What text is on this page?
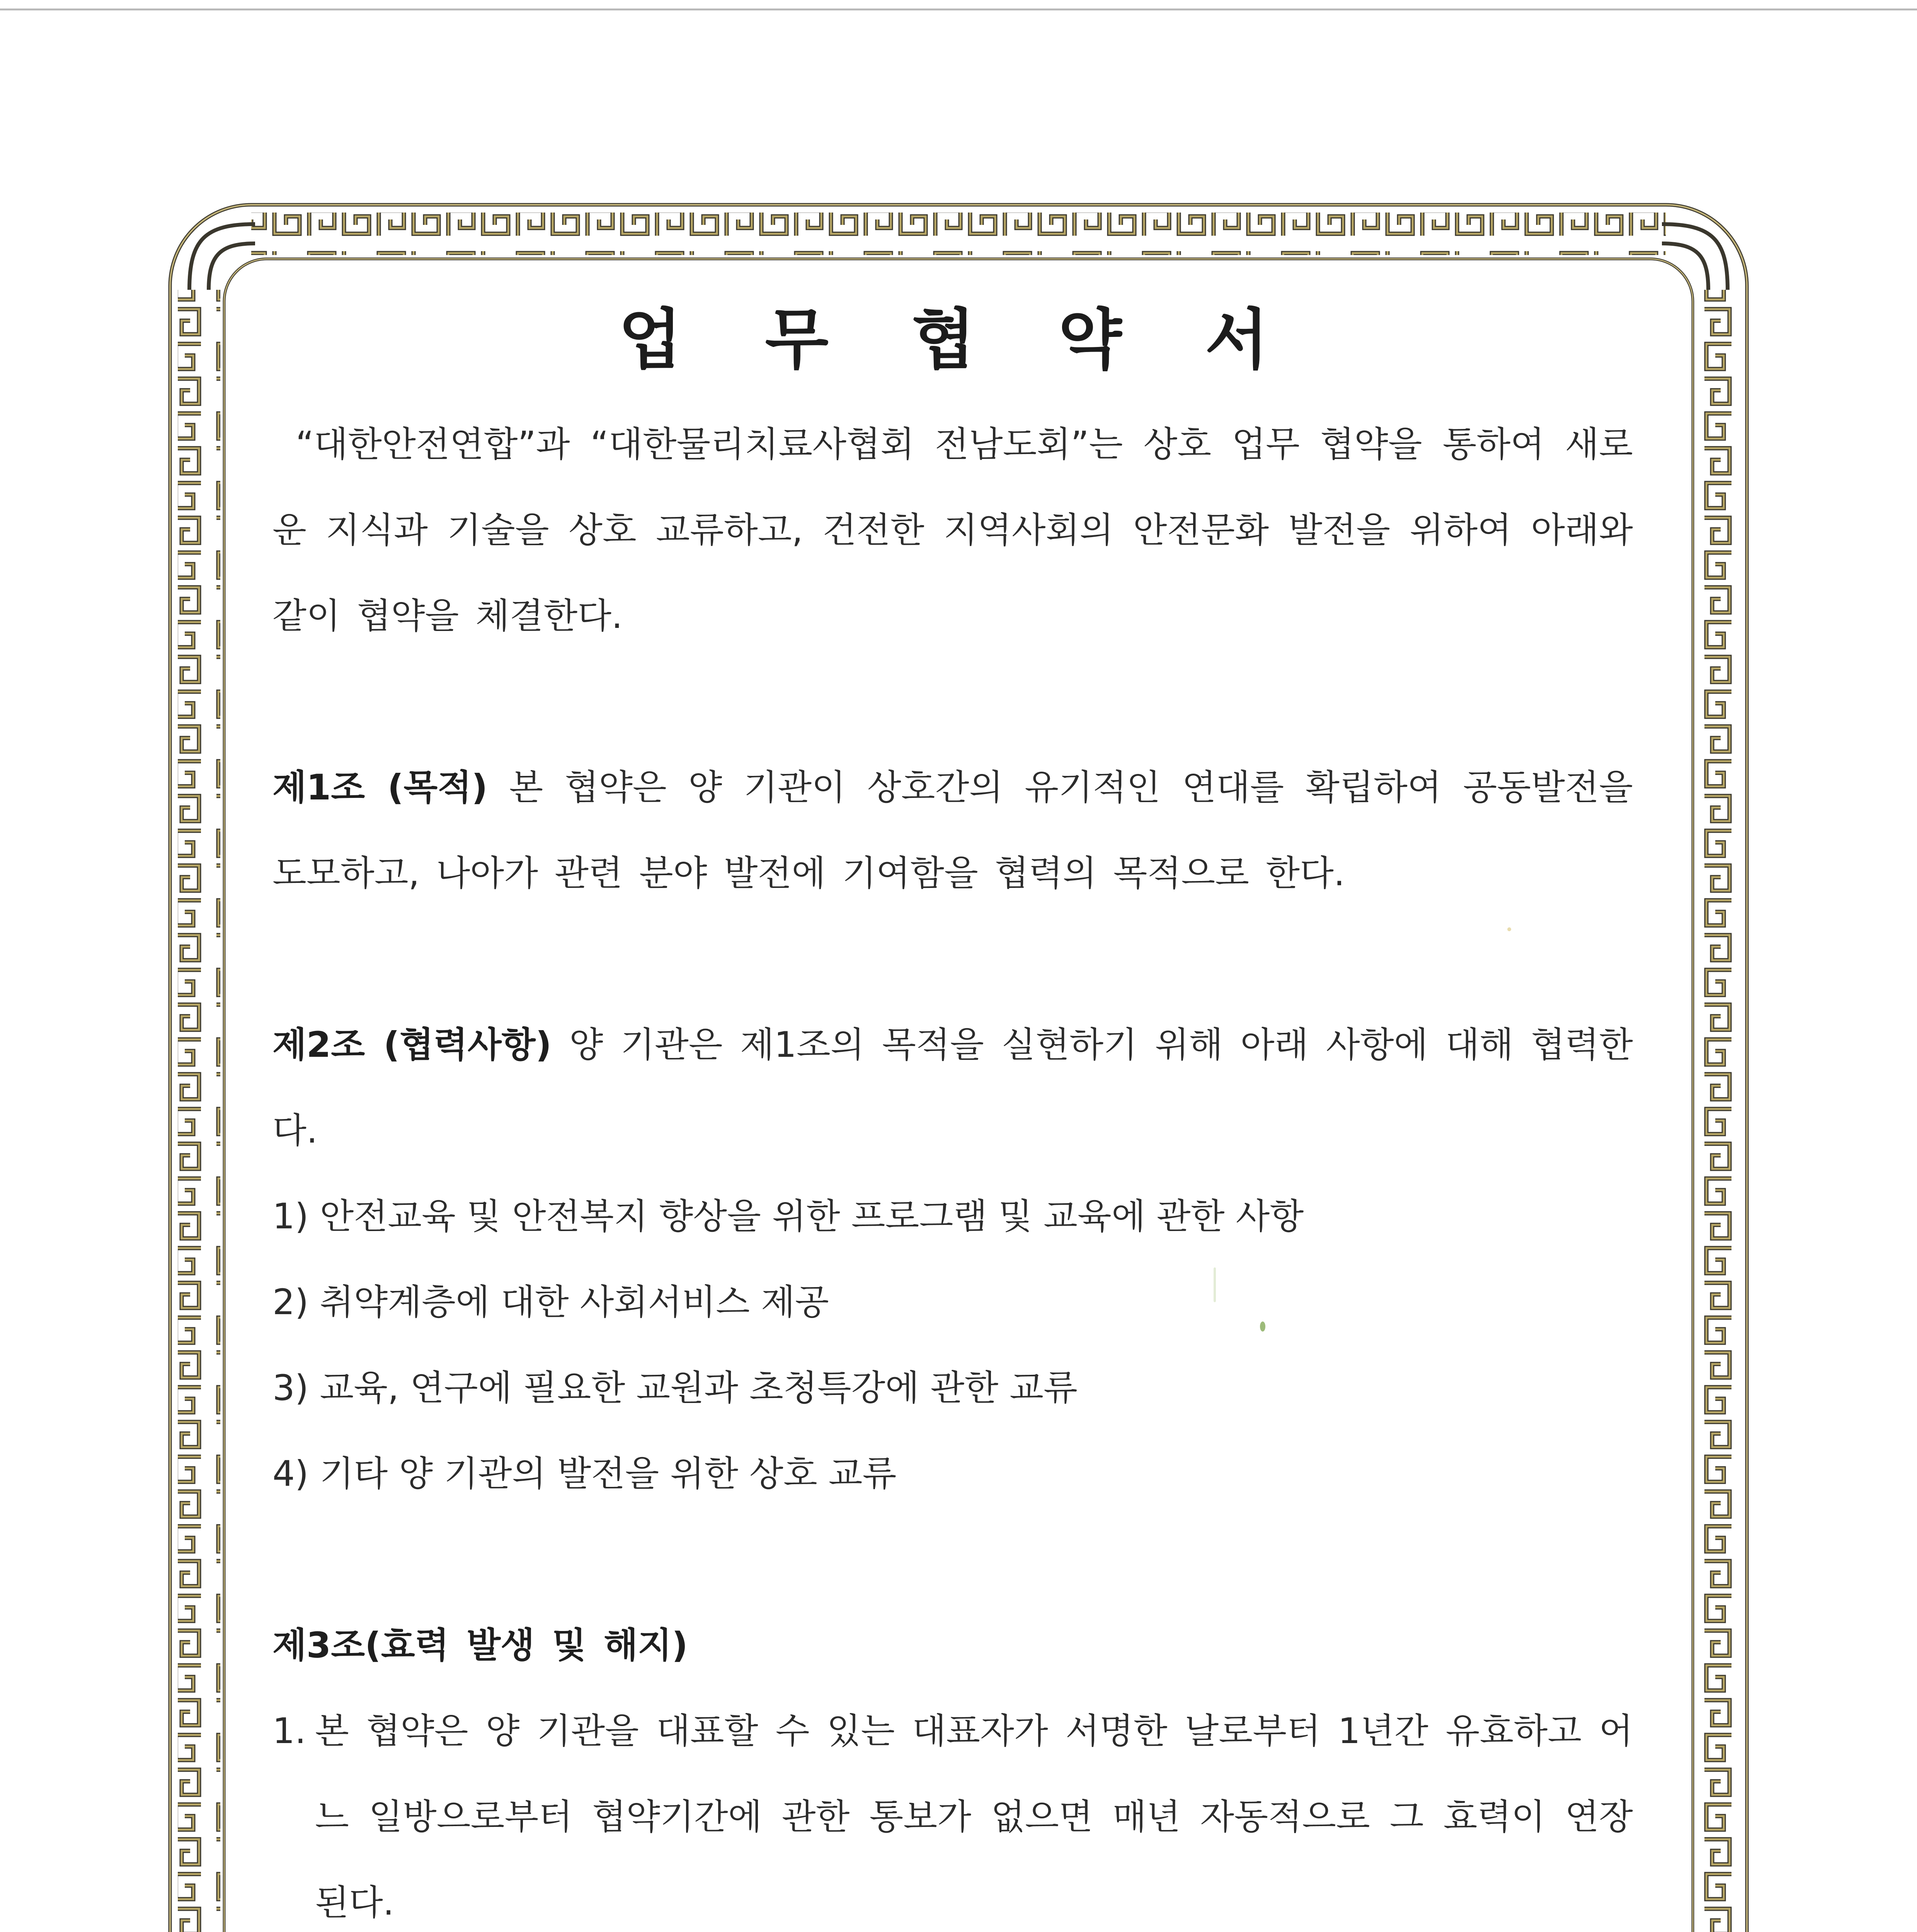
업 무 협 약 서

“대한안전연합”과 “대한물리치료사협회 전남도회”는 상호 업무 협약을 통하여 새로운 지식과 기술을 상호 교류하고, 건전한 지역사회의 안전문화 발전을 위하여 아래와 같이 협약을 체결한다.

제1조 (목적) 본 협약은 양 기관이 상호간의 유기적인 연대를 확립하여 공동발전을 도모하고, 나아가 관련 분야 발전에 기여함을 협력의 목적으로 한다.

제2조 (협력사항) 양 기관은 제1조의 목적을 실현하기 위해 아래 사항에 대해 협력한다.

1) 안전교육 및 안전복지 향상을 위한 프로그램 및 교육에 관한 사항

2) 취약계층에 대한 사회서비스 제공

3) 교육, 연구에 필요한 교원과 초청특강에 관한 교류

4) 기타 양 기관의 발전을 위한 상호 교류

제3조(효력 발생 및 해지)

1. 본 협약은 양 기관을 대표할 수 있는 대표자가 서명한 날로부터 1년간 유효하고 어느 일방으로부터 협약기간에 관한 통보가 없으면 매년 자동적으로 그 효력이 연장된다.
